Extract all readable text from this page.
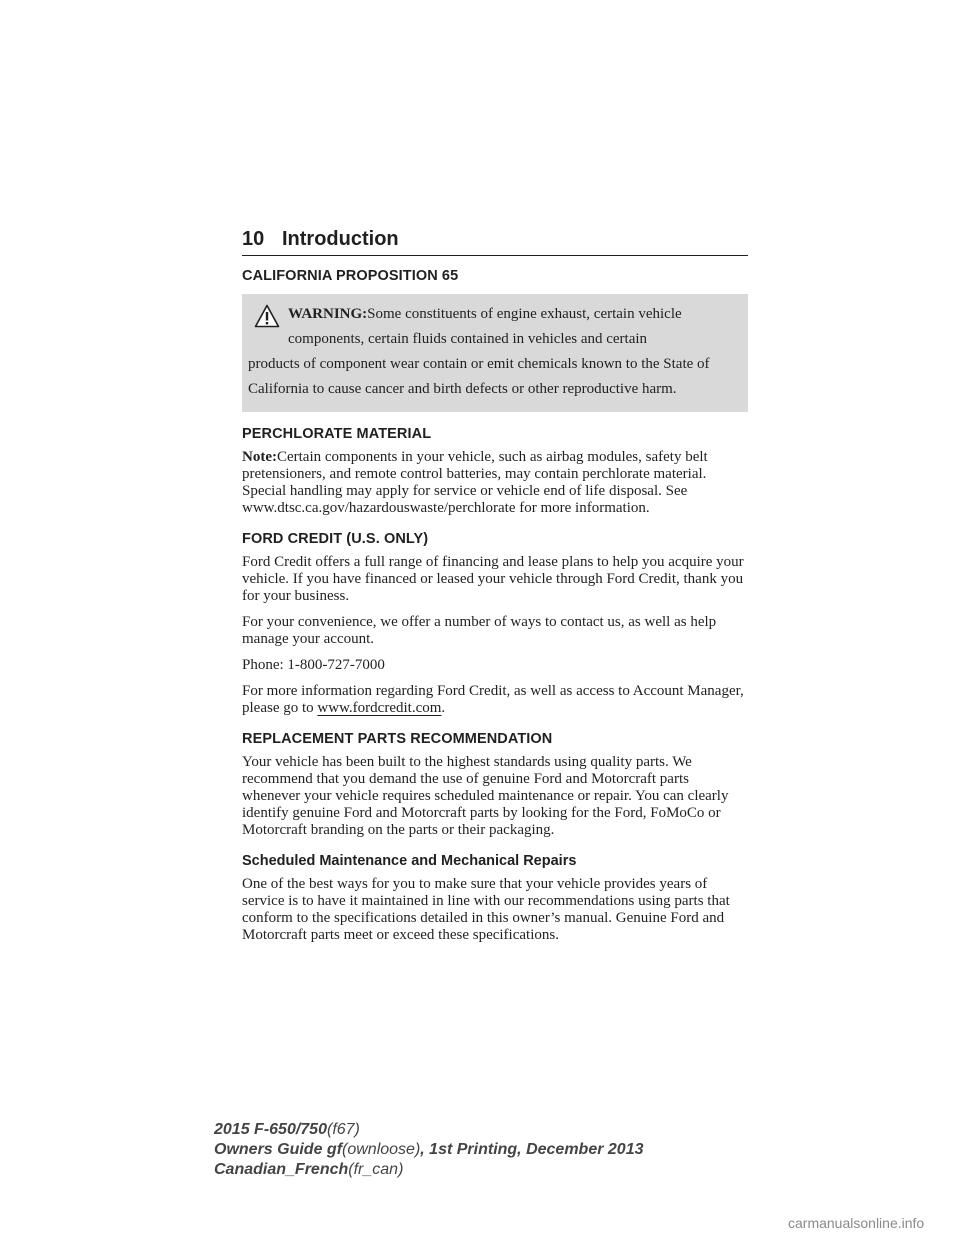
10 Introduction
CALIFORNIA PROPOSITION 65
WARNING:Some constituents of engine exhaust, certain vehicle
components, certain fluids contained in vehicles and certain
products of component wear contain or emit chemicals known to the State of California to cause cancer and birth defects or other reproductive harm.
PERCHLORATE MATERIAL

Note:Certain components in your vehicle, such as airbag modules, safety belt pretensioners, and remote control batteries, may contain perchlorate material. Special handling may apply for service or vehicle end of life disposal. See www.dtsc.ca.gov/hazardouswaste/perchlorate for more information.

FORD CREDIT (U.S. ONLY)

Ford Credit offers a full range of financing and lease plans to help you acquire your vehicle. If you have financed or leased your vehicle through Ford Credit, thank you for your business.

For your convenience, we offer a number of ways to contact us, as well as help manage your account.

Phone: 1-800-727-7000

For more information regarding Ford Credit, as well as access to Account Manager, please go to www.fordcredit.com.

REPLACEMENT PARTS RECOMMENDATION

Your vehicle has been built to the highest standards using quality parts. We recommend that you demand the use of genuine Ford and Motorcraft parts whenever your vehicle requires scheduled maintenance or repair. You can clearly identify genuine Ford and Motorcraft parts by looking for the Ford, FoMoCo or Motorcraft branding on the parts or their packaging.

Scheduled Maintenance and Mechanical Repairs

One of the best ways for you to make sure that your vehicle provides years of service is to have it maintained in line with our recommendations using parts that conform to the specifications detailed in this owner’s manual. Genuine Ford and Motorcraft parts meet or exceed these specifications.

2015 F-650/750(f67)
Owners Guide gf(ownloose), 1st Printing, December 2013
Canadian_French(fr_can)
carmanualsonline.info
